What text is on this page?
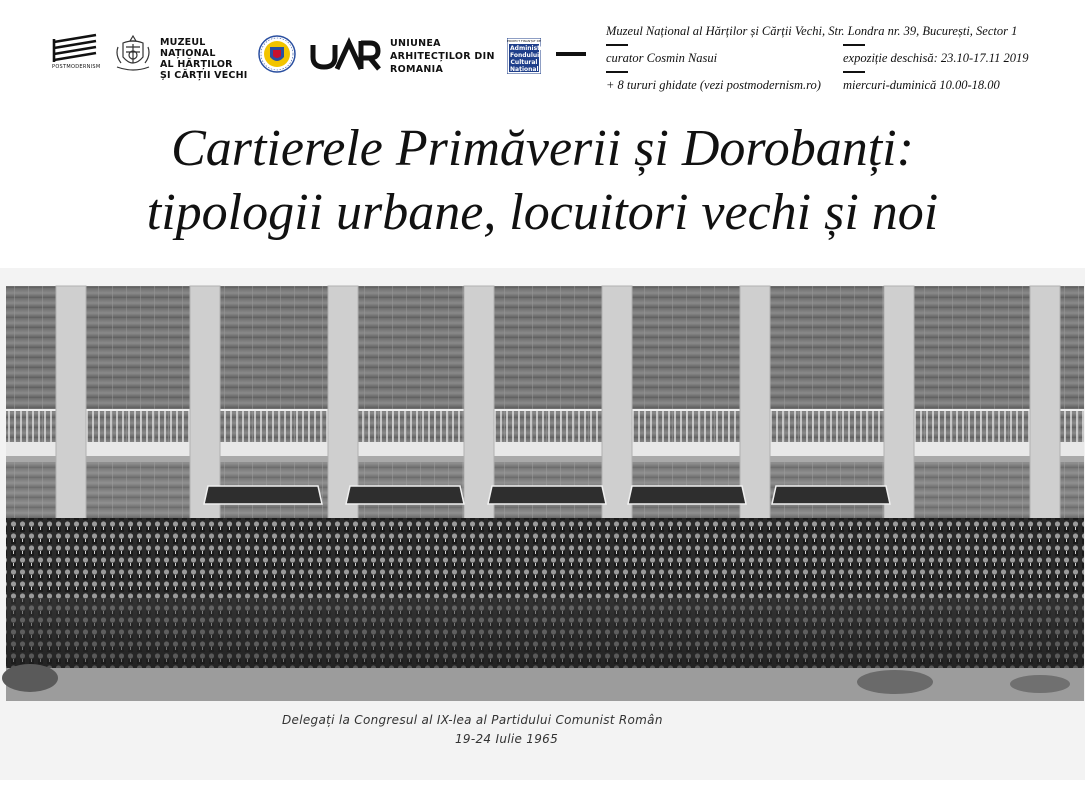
POSTMODERNISM
MUZEUL NAȚIONAL
AL HĂRȚILOR
ȘI CĂRȚII VECHI
UNIUNEA
ARHITECȚILOR DIN
ROMANIA
PROIECT FINANȚAT DE
Administrația
Fondului
Cultural
Național
Muzeul Național al Hărților și Cărții Vechi, Str. Londra nr. 39, București, Sector 1
curator Cosmin Nasui	expoziție deschisă: 23.10-17.11 2019
+ 8 tururi ghidate (vezi postmodernism.ro) miercuri-duminică 10.00-18.00
Cartierele Primăverii și Dorobanți:
tipologii urbane, locuitori vechi și noi
Delegați la Congresul al IX-lea al Partidului Comunist Român
19-24 Iulie 1965
